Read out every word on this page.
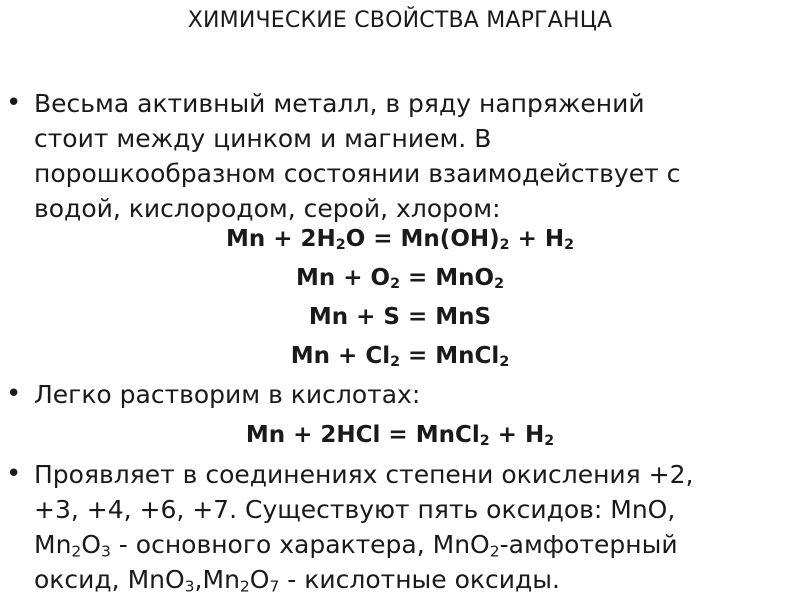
ХИМИЧЕСКИЕ СВОЙСТВА МАРГАНЦА
• Весьма активный металл, в ряду напряжений
стоит между цинком и магнием. В
порошкообразном состоянии взаимодействует с
водой, кислородом, серой, хлором:
$Mn + 2H_2O = Mn(OH)_2 + H_2$
$Mn + O_2 = MnO_2$
Mn + S = MnS
$Mn + Cl_2$ = MnCl$_2$
• Легко растворим в кислотах:
Mn + 2HCl = MnCl$_2$ + $H_2$
• Проявляет в соединениях степени окисления +2,
+3, +4, +6, +7. Существуют пять оксидов: MnO,
$Mn_2O_3$ - основного характера, MnO$_2$-амфотерный
оксид, $MnO_3,Mn_2O_7$ - кислотные оксиды.
